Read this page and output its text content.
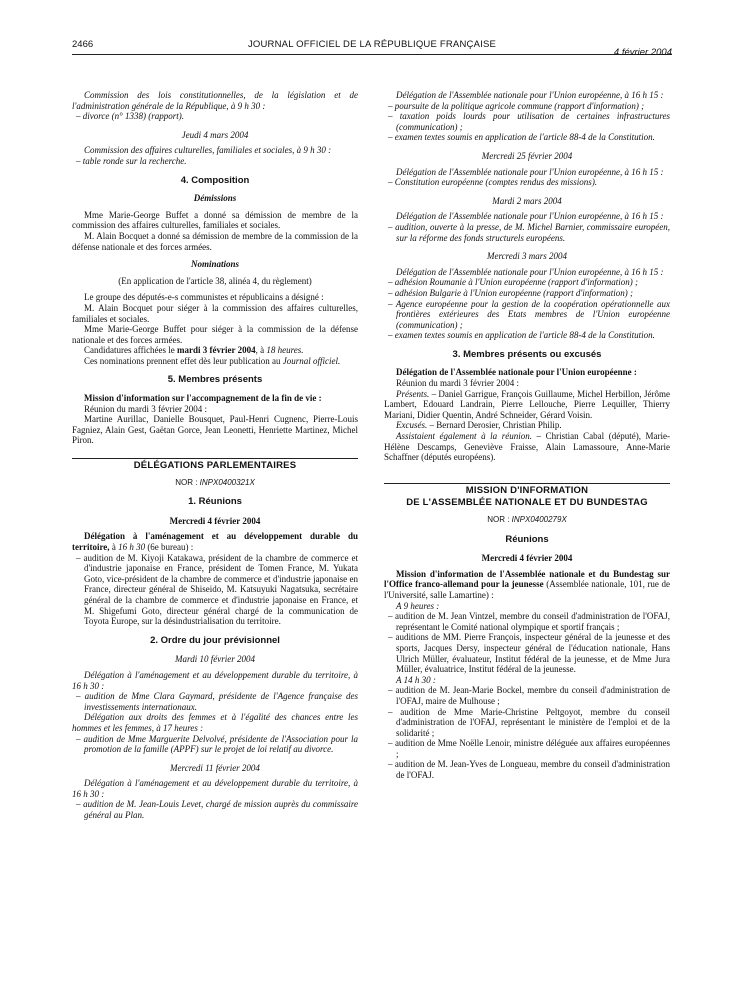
2466	JOURNAL OFFICIEL DE LA RÉPUBLIQUE FRANÇAISE
4 février 2004

Commission des lois constitutionnelles, de la législation et de l'administration générale de la République, à 9 h 30 :

– divorce (n° 1338) (rapport).

Jeudi 4 mars 2004

Commission des affaires culturelles, familiales et sociales, à 9 h 30 :

– table ronde sur la recherche.

4. Composition
Démissions

Mme Marie-George Buffet a donné sa démission de membre de la commission des affaires culturelles, familiales et sociales.

M. Alain Bocquet a donné sa démission de membre de la commission de la défense nationale et des forces armées.

Nominations

(En application de l'article 38, alinéa 4, du règlement)

Le groupe des députés-e-s communistes et républicains a désigné :

M. Alain Bocquet pour siéger à la commission des affaires culturelles, familiales et sociales.

Mme Marie-George Buffet pour siéger à la commission de la défense nationale et des forces armées.

Candidatures affichées le mardi 3 février 2004, à 18 heures.

Ces nominations prennent effet dès leur publication au Journal officiel.

5. Membres présents

Mission d'information sur l'accompagnement de la fin de vie :

Réunion du mardi 3 février 2004 :

Martine Aurillac, Danielle Bousquet, Paul-Henri Cugnenc, Pierre-Louis Fagniez, Alain Gest, Gaëtan Gorce, Jean Leonetti, Henriette Martinez, Michel Piron.

DÉLÉGATIONS PARLEMENTAIRES
NOR : INPX0400321X
1. Réunions
Mercredi 4 février 2004

Délégation à l'aménagement et au développement durable du territoire, à 16 h 30 (6e bureau) :

– audition de M. Kiyoji Katakawa, président de la chambre de commerce et d'industrie japonaise en France, président de Tomen France, M. Yukata Goto, vice-président de la chambre de commerce et d'industrie japonaise en France, directeur général de Shiseido, M. Katsuyuki Nagatsuka, secrétaire général de la chambre de commerce et d'industrie japonaise en France, et M. Shigefumi Goto, directeur général chargé de la communication de Toyota Europe, sur la désindustrialisation du territoire.

2. Ordre du jour prévisionnel
Mardi 10 février 2004

Délégation à l'aménagement et au développement durable du territoire, à 16 h 30 :

– audition de Mme Clara Gaymard, présidente de l'Agence française des investissements internationaux.

Délégation aux droits des femmes et à l'égalité des chances entre les hommes et les femmes, à 17 heures :

– audition de Mme Marguerite Delvolvé, présidente de l'Association pour la promotion de la famille (APPF) sur le projet de loi relatif au divorce.

Mercredi 11 février 2004

Délégation à l'aménagement et au développement durable du territoire, à 16 h 30 :

– audition de M. Jean-Louis Levet, chargé de mission auprès du commissaire général au Plan.

Délégation de l'Assemblée nationale pour l'Union européenne, à 16 h 15 :

– poursuite de la politique agricole commune (rapport d'information) ;

– taxation poids lourds pour utilisation de certaines infrastructures (communication) ;

– examen textes soumis en application de l'article 88-4 de la Constitution.

Mercredi 25 février 2004

Délégation de l'Assemblée nationale pour l'Union européenne, à 16 h 15 :

– Constitution européenne (comptes rendus des missions).

Mardi 2 mars 2004

Délégation de l'Assemblée nationale pour l'Union européenne, à 16 h 15 :

– audition, ouverte à la presse, de M. Michel Barnier, commissaire européen, sur la réforme des fonds structurels européens.

Mercredi 3 mars 2004

Délégation de l'Assemblée nationale pour l'Union européenne, à 16 h 15 :

– adhésion Roumanie à l'Union européenne (rapport d'information) ;

– adhésion Bulgarie à l'Union européenne (rapport d'information) ;

– Agence européenne pour la gestion de la coopération opérationnelle aux frontières extérieures des Etats membres de l'Union européenne (communication) ;

– examen textes soumis en application de l'article 88-4 de la Constitution.

3. Membres présents ou excusés

Délégation de l'Assemblée nationale pour l'Union européenne :

Réunion du mardi 3 février 2004 :

Présents. – Daniel Garrigue, François Guillaume, Michel Herbillon, Jérôme Lambert, Edouard Landrain, Pierre Lellouche, Pierre Lequiller, Thierry Mariani, Didier Quentin, André Schneider, Gérard Voisin.

Excusés. – Bernard Derosier, Christian Philip.

Assistaient également à la réunion. – Christian Cabal (député), Marie-Hélène Descamps, Geneviève Fraisse, Alain Lamassoure, Anne-Marie Schaffner (députés européens).

MISSION D'INFORMATION
DE L'ASSEMBLÉE NATIONALE ET DU BUNDESTAG
NOR : INPX0400279X
Réunions
Mercredi 4 février 2004

Mission d'information de l'Assemblée nationale et du Bundestag sur l'Office franco-allemand pour la jeunesse (Assemblée nationale, 101, rue de l'Université, salle Lamartine) :

A 9 heures :

– audition de M. Jean Vintzel, membre du conseil d'administration de l'OFAJ, représentant le Comité national olympique et sportif français ;

– auditions de MM. Pierre François, inspecteur général de la jeunesse et des sports, Jacques Dersy, inspecteur général de l'éducation nationale, Hans Ulrich Müller, évaluateur, Institut fédéral de la jeunesse, et de Mme Jura Müller, évaluatrice, Institut fédéral de la jeunesse.

A 14 h 30 :

– audition de M. Jean-Marie Bockel, membre du conseil d'administration de l'OFAJ, maire de Mulhouse ;

– audition de Mme Marie-Christine Peltgoyot, membre du conseil d'administration de l'OFAJ, représentant le ministère de l'emploi et de la solidarité ;

– audition de Mme Noëlle Lenoir, ministre déléguée aux affaires européennes ;

– audition de M. Jean-Yves de Longueau, membre du conseil d'administration de l'OFAJ.
